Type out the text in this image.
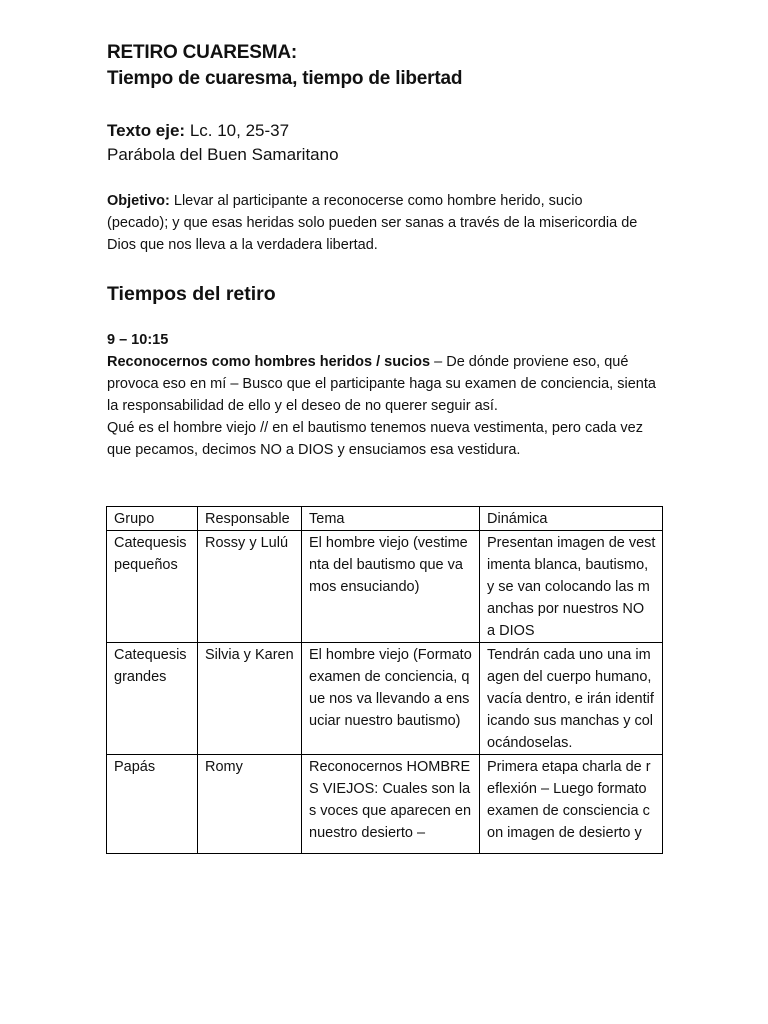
RETIRO CUARESMA:
Tiempo de cuaresma, tiempo de libertad
Texto eje: Lc. 10, 25-37
Parábola del Buen Samaritano

Objetivo: Llevar al participante a reconocerse como hombre herido, sucio (pecado); y que esas heridas solo pueden ser sanas a través de la misericordia de Dios que nos lleva a la verdadera libertad.

Tiempos del retiro

9 – 10:15

Reconocernos como hombres heridos / sucios – De dónde proviene eso, qué provoca eso en mí – Busco que el participante haga su examen de conciencia, sienta la responsabilidad de ello y el deseo de no querer seguir así.

Qué es el hombre viejo // en el bautismo tenemos nueva vestimenta, pero cada vez que pecamos, decimos NO a DIOS y ensuciamos esa vestidura.

Grupo	Responsable	Tema	Dinámica
Catequesis pequeños	Rossy y Lulú	El hombre viejo (vestimenta del bautismo que vamos ensuciando)	Presentan imagen de vestimenta blanca, bautismo, y se van colocando las manchas por nuestros NO a DIOS
Catequesis grandes	Silvia y Karen	El hombre viejo (Formato examen de conciencia, que nos va llevando a ensuciar nuestro bautismo)	Tendrán cada uno una imagen del cuerpo humano, vacía dentro, e irán identificando sus manchas y colocándoselas.
Papás	Romy	Reconocernos HOMBRES VIEJOS: Cuales son las voces que aparecen en nuestro desierto –	Primera etapa charla de reflexión – Luego formato examen de consciencia con imagen de desierto y
